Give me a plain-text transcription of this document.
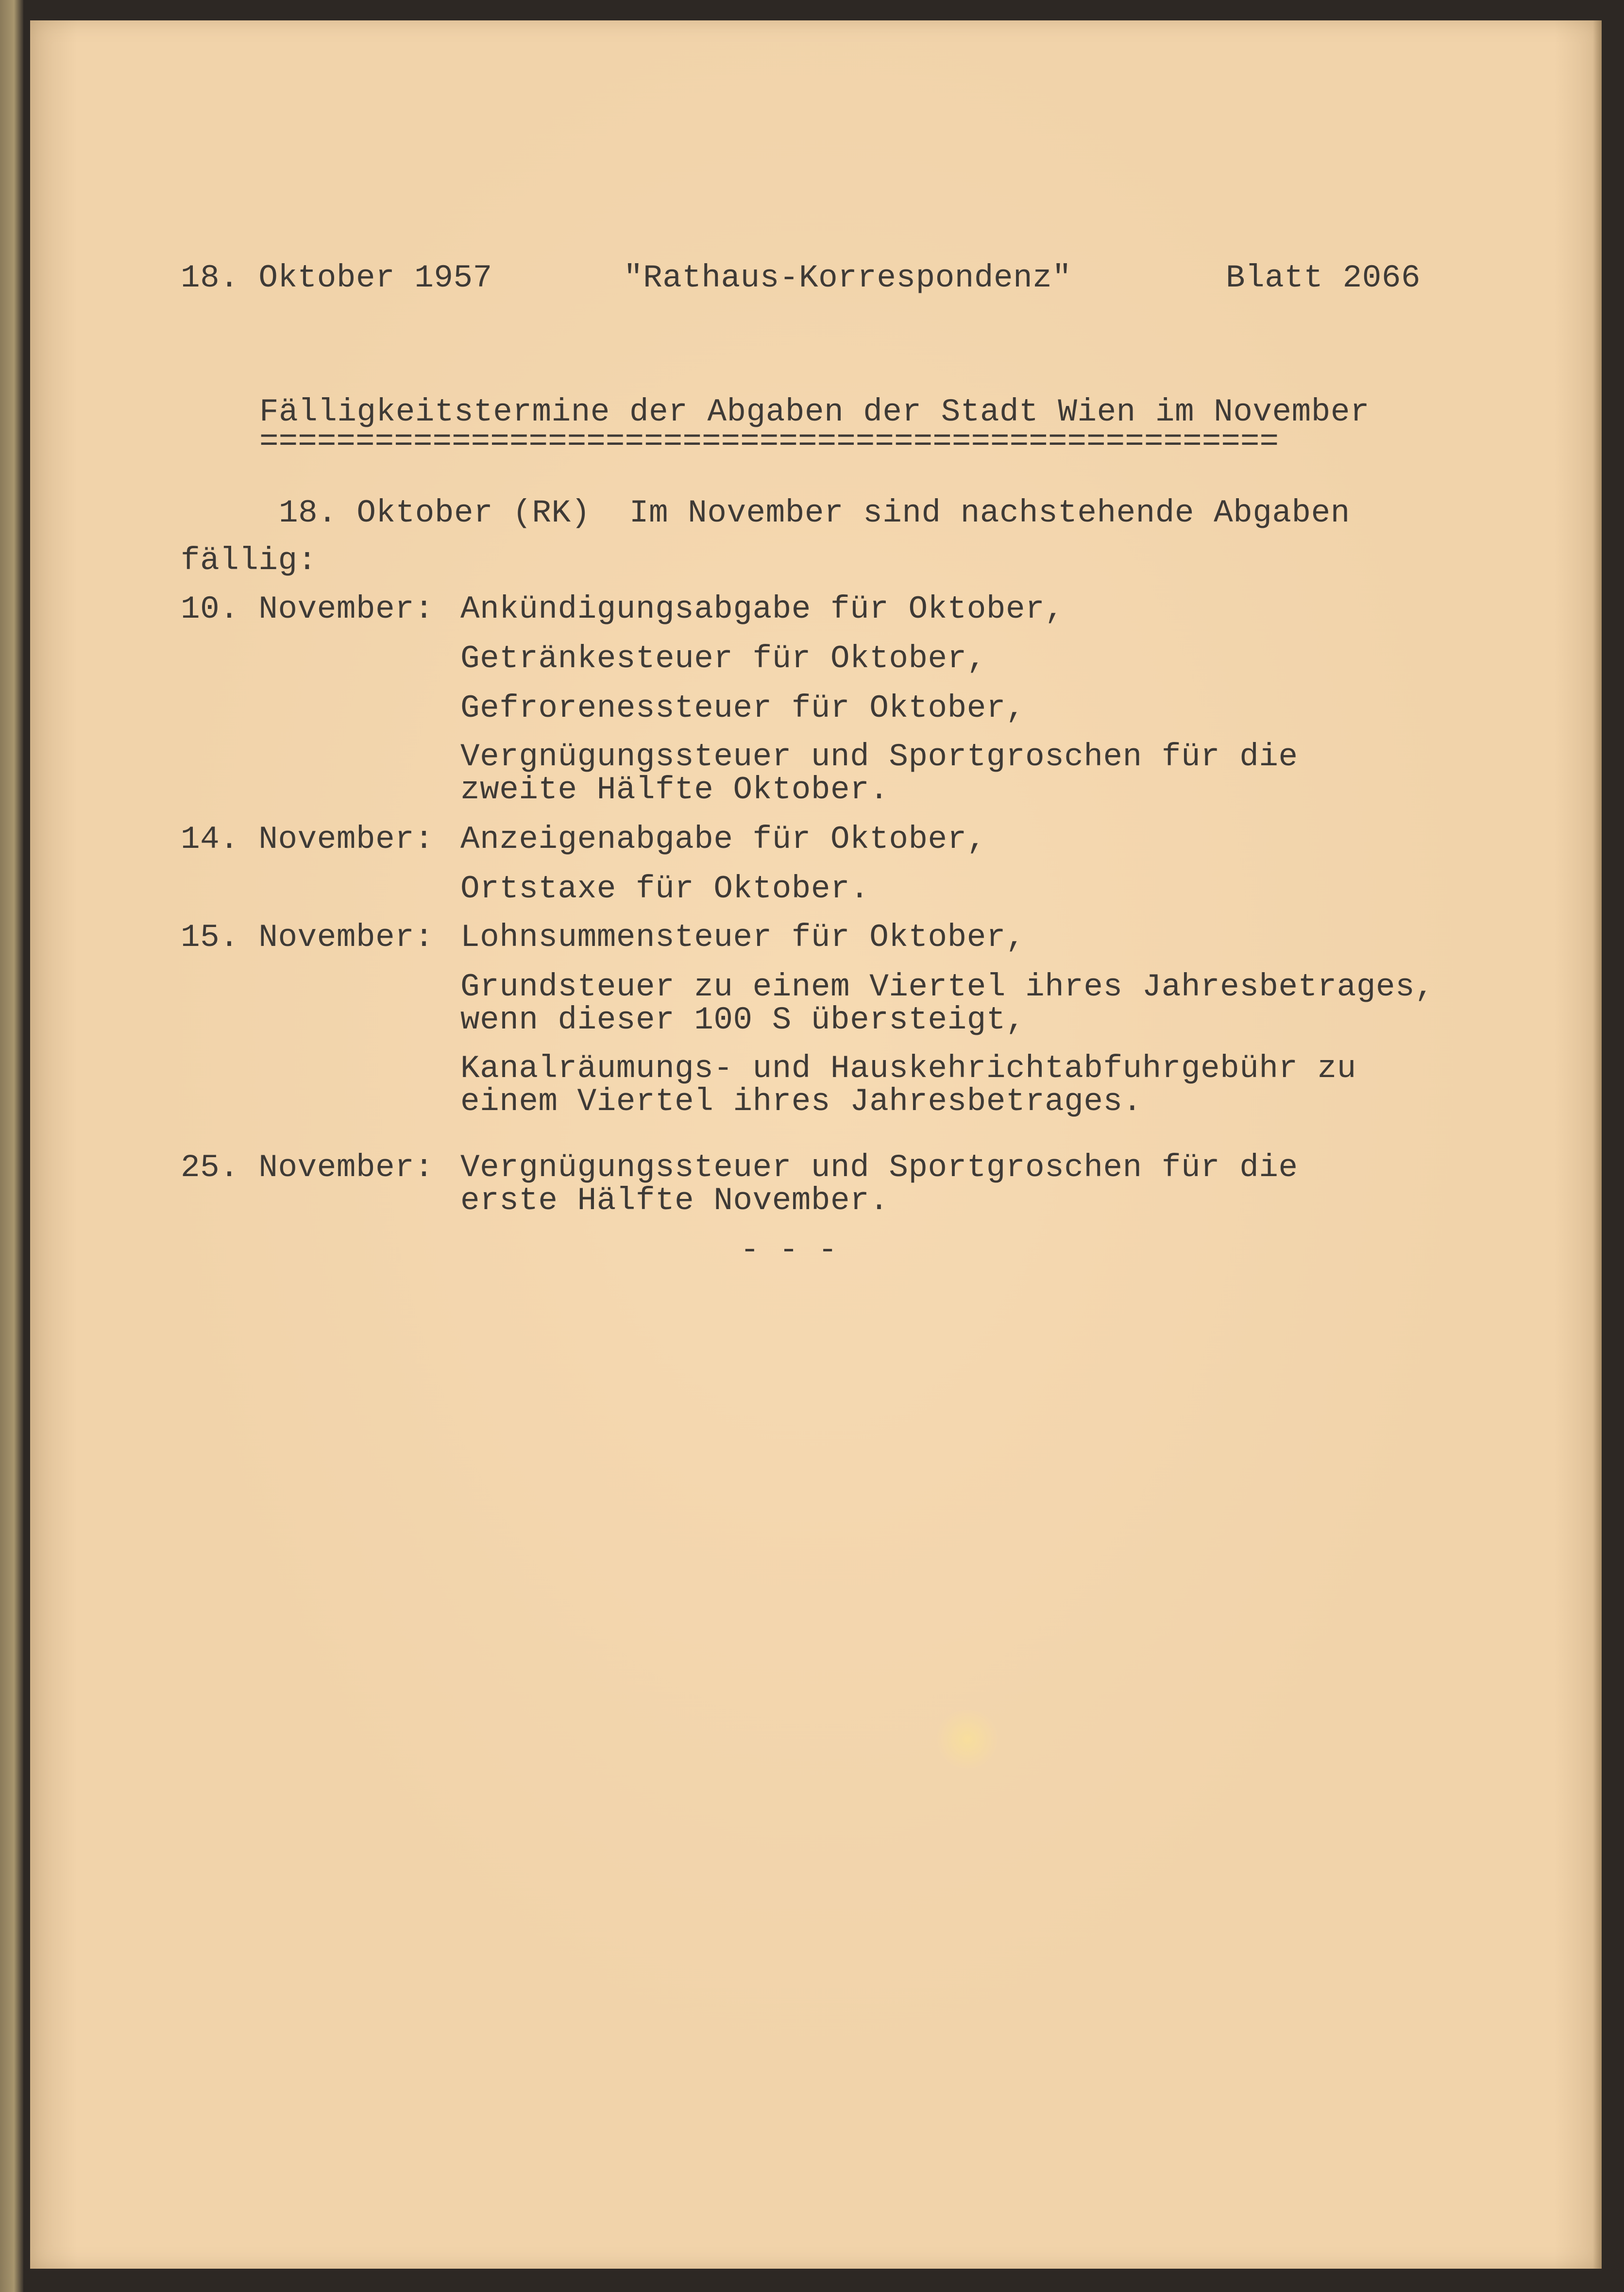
18. Oktober 1957	"Rathaus-Korrespondenz"	Blatt 2066
Fälligkeitstermine der Abgaben der Stadt Wien im November
=====================================================
18. Oktober (RK)  Im November sind nachstehende Abgaben
fällig:
10. November: Ankündigungsabgabe für Oktober,
Getränkesteuer für Oktober,
Gefrorenessteuer für Oktober,
Vergnügungssteuer und Sportgroschen für die
zweite Hälfte Oktober.
14. November: Anzeigenabgabe für Oktober,
Ortstaxe für Oktober.
15. November: Lohnsummensteuer für Oktober,
Grundsteuer zu einem Viertel ihres Jahresbetrages,
wenn dieser 100 S übersteigt,
Kanalräumungs- und Hauskehrichtabfuhrgebühr zu
einem Viertel ihres Jahresbetrages.
25. November: Vergnügungssteuer und Sportgroschen für die
erste Hälfte November.
- - -
